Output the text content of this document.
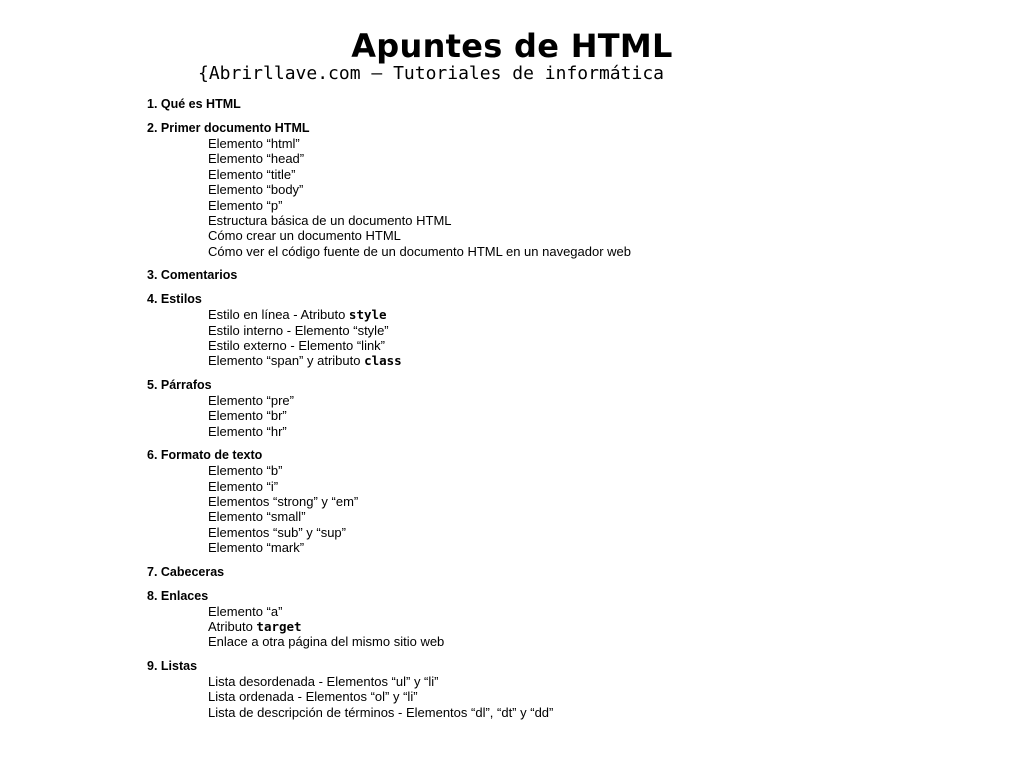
Apuntes de HTML
{Abrirllave.com – Tutoriales de informática
1. Qué es HTML
2. Primer documento HTML
Elemento “html”
Elemento “head”
Elemento “title”
Elemento “body”
Elemento “p”
Estructura básica de un documento HTML
Cómo crear un documento HTML
Cómo ver el código fuente de un documento HTML en un navegador web
3. Comentarios
4. Estilos
Estilo en línea - Atributo style
Estilo interno - Elemento “style”
Estilo externo - Elemento “link”
Elemento “span” y atributo class
5. Párrafos
Elemento “pre”
Elemento “br”
Elemento “hr”
6. Formato de texto
Elemento “b”
Elemento “i”
Elementos “strong” y “em”
Elemento “small”
Elementos “sub” y “sup”
Elemento “mark”
7. Cabeceras
8. Enlaces
Elemento “a”
Atributo target
Enlace a otra página del mismo sitio web
9. Listas
Lista desordenada - Elementos “ul” y “li”
Lista ordenada - Elementos “ol” y “li”
Lista de descripción de términos - Elementos “dl”, “dt” y “dd”
